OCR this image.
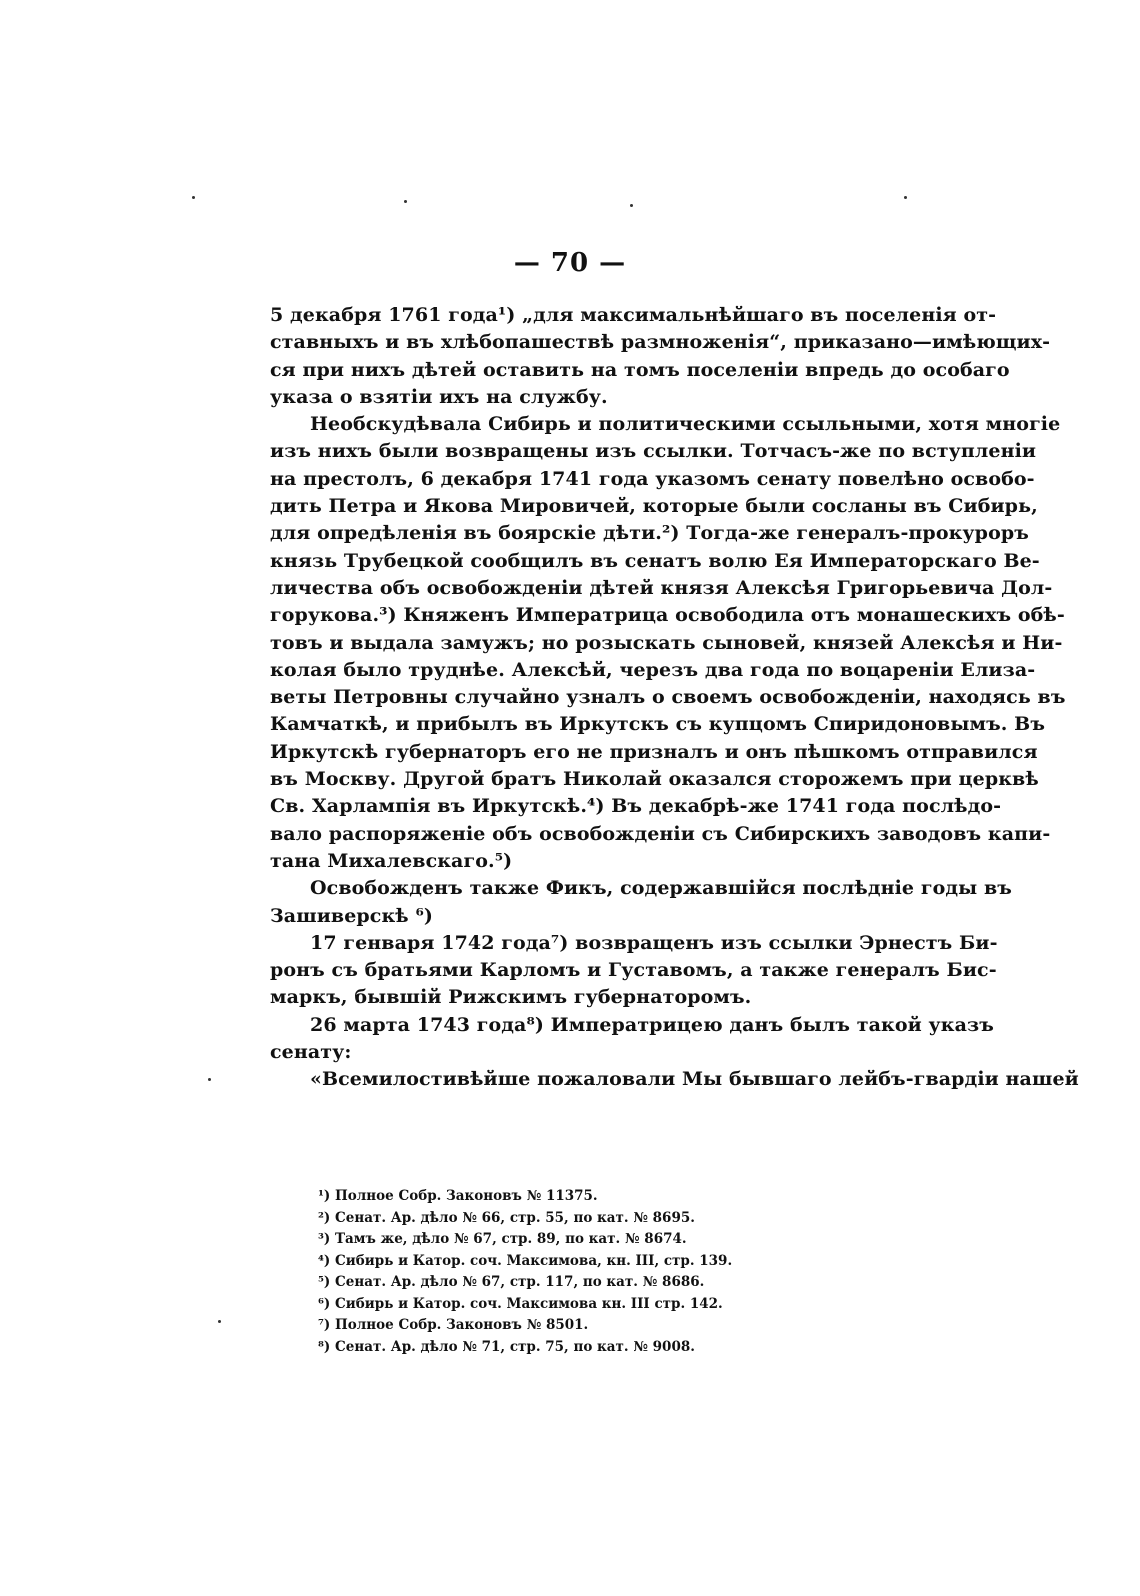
— 70 —
5 декабря 1761 года¹) „для максимальнѣйшаго въ поселенія от-
ставныхъ и въ хлѣбопашествѣ размноженія“, приказано—имѣющих-
ся при нихъ дѣтей оставить на томъ поселеніи впредь до особаго
указа о взятіи ихъ на службу.
Необскудѣвала Сибирь и политическими ссыльными, хотя многіе
изъ нихъ были возвращены изъ ссылки. Тотчасъ-же по вступленіи
на престолъ, 6 декабря 1741 года указомъ сенату повелѣно освобо-
дить Петра и Якова Мировичей, которые были сосланы въ Сибирь,
для опредѣленія въ боярскіе дѣти.²) Тогда-же генералъ-прокуроръ
князь Трубецкой сообщилъ въ сенатъ волю Ея Императорскаго Ве-
личества объ освобожденіи дѣтей князя Алексѣя Григорьевича Дол-
горукова.³) Княженъ Императрица освободила отъ монашескихъ обѣ-
товъ и выдала замужъ; но розыскать сыновей, князей Алексѣя и Ни-
колая было труднѣе. Алексѣй, черезъ два года по воцареніи Елиза-
веты Петровны случайно узналъ о своемъ освобожденіи, находясь въ
Камчаткѣ, и прибылъ въ Иркутскъ съ купцомъ Спиридоновымъ. Въ
Иркутскѣ губернаторъ его не призналъ и онъ пѣшкомъ отправился
въ Москву. Другой братъ Николай оказался сторожемъ при церквѣ
Св. Харлампія въ Иркутскѣ.⁴) Въ декабрѣ-же 1741 года послѣдо-
вало распоряженіе объ освобожденіи съ Сибирскихъ заводовъ капи-
тана Михалевскаго.⁵)
Освобожденъ также Фикъ, содержавшійся послѣдніе годы въ
Зашиверскѣ ⁶)
17 генваря 1742 года⁷) возвращенъ изъ ссылки Эрнестъ Би-
ронъ съ братьями Карломъ и Густавомъ, а также генералъ Бис-
маркъ, бывшій Рижскимъ губернаторомъ.
26 марта 1743 года⁸) Императрицею данъ былъ такой указъ
сенату:
«Всемилостивѣйше пожаловали Мы бывшаго лейбъ-гвардіи нашей
¹) Полное Собр. Законовъ № 11375.
²) Сенат. Ар. дѣло № 66, стр. 55, по кат. № 8695.
³) Тамъ же, дѣло № 67, стр. 89, по кат. № 8674.
⁴) Сибирь и Катор. соч. Максимова, кн. III, стр. 139.
⁵) Сенат. Ар. дѣло № 67, стр. 117, по кат. № 8686.
⁶) Сибирь и Катор. соч. Максимова кн. III стр. 142.
⁷) Полное Собр. Законовъ № 8501.
⁸) Сенат. Ар. дѣло № 71, стр. 75, по кат. № 9008.
